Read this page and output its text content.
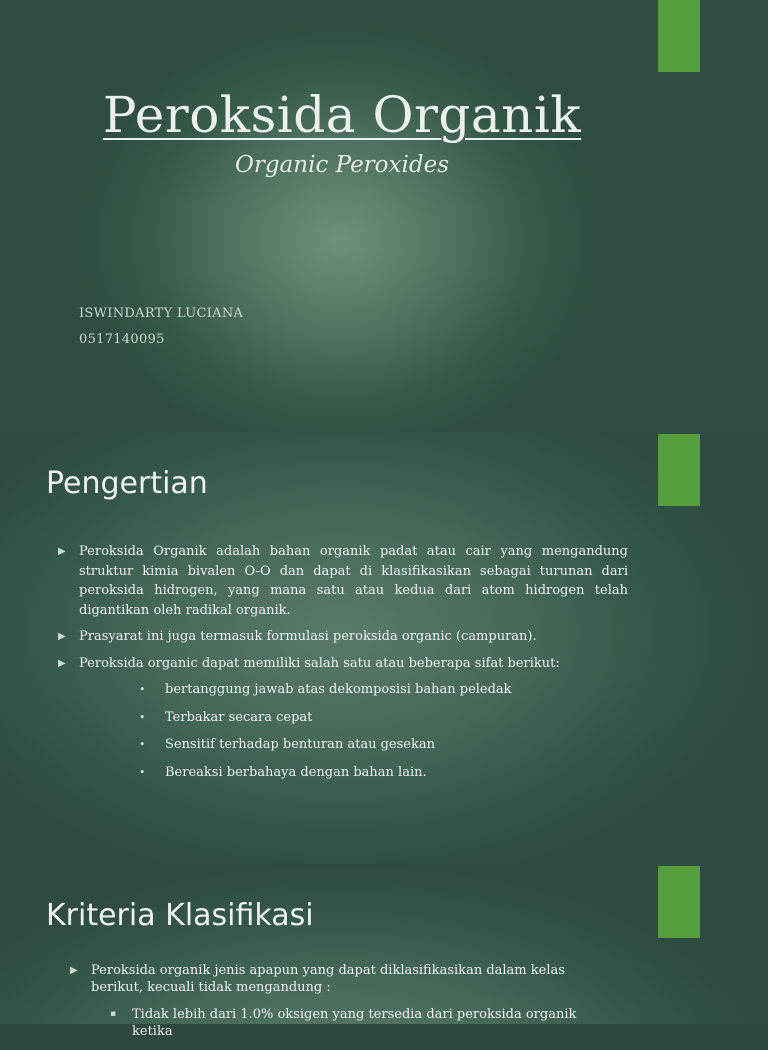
Peroksida Organik
Organic Peroxides
ISWINDARTY LUCIANA
0517140095
Pengertian
▶ Peroksida Organik adalah bahan organik padat atau cair yang mengandung struktur kimia bivalen O-O dan dapat di klasifikasikan sebagai turunan dari peroksida hidrogen, yang mana satu atau kedua dari atom hidrogen telah digantikan oleh radikal organik.
▶ Prasyarat ini juga termasuk formulasi peroksida organic (campuran).
▶ Peroksida organic dapat memiliki salah satu atau beberapa sifat berikut:
• bertanggung jawab atas dekomposisi bahan peledak
• Terbakar secara cepat
• Sensitif terhadap benturan atau gesekan
• Bereaksi berbahaya dengan bahan lain.
Kriteria Klasifikasi
▶ Peroksida organik jenis apapun yang dapat diklasifikasikan dalam kelas berikut, kecuali tidak mengandung :
▪ Tidak lebih dari 1.0% oksigen yang tersedia dari peroksida organik ketika
